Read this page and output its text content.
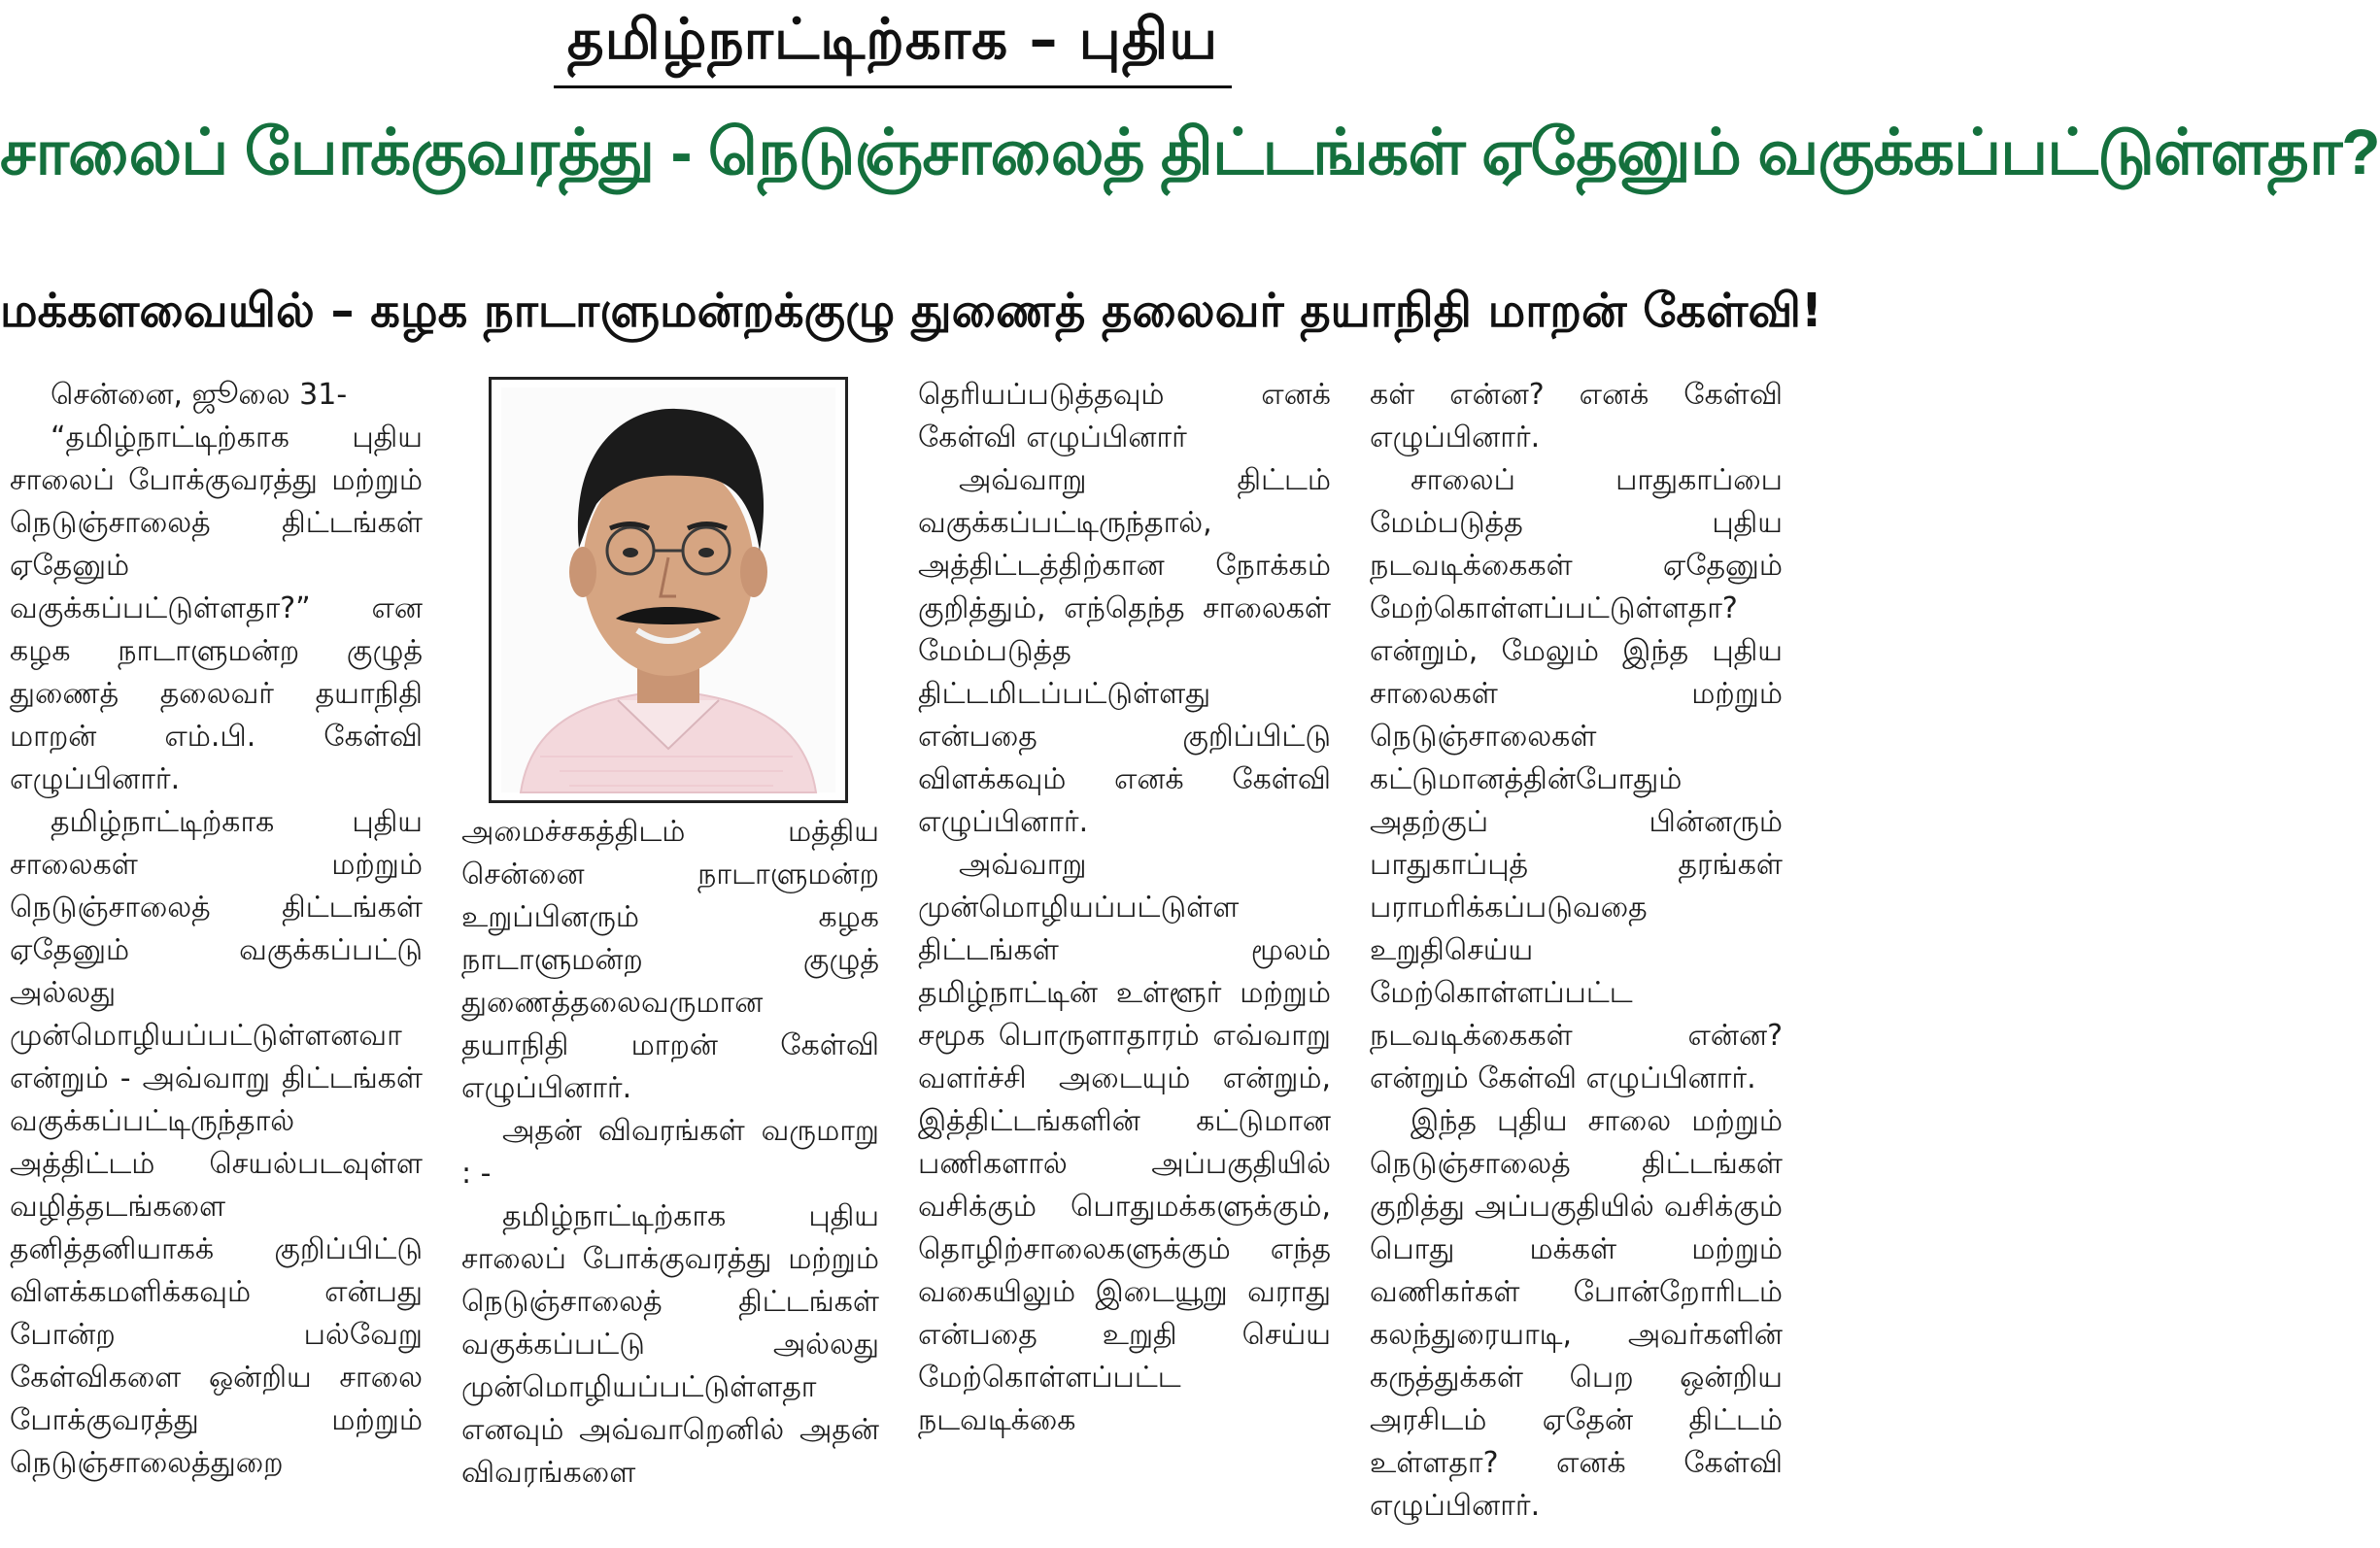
தமிழ்நாட்டிற்காக – புதிய
சாலைப் போக்குவரத்து - நெடுஞ்சாலைத் திட்டங்கள் ஏதேனும் வகுக்கப்பட்டுள்ளதா?
மக்களவையில் – கழக நாடாளுமன்றக்குழு துணைத் தலைவர் தயாநிதி மாறன் கேள்வி!
சென்னை, ஜூலை 31-

“தமிழ்நாட்டிற்காக புதிய சாலைப் போக்குவரத்து மற்றும் நெடுஞ்சாலைத் திட்டங்கள் ஏதேனும் வகுக்கப்பட்டுள்ளதா?” என கழக நாடாளுமன்ற குழுத் துணைத் தலைவர் தயாநிதி மாறன் எம்.பி. கேள்வி எழுப்பினார்.

தமிழ்நாட்டிற்காக புதிய சாலைகள் மற்றும் நெடுஞ்சாலைத் திட்டங்கள் ஏதேனும் வகுக்கப்பட்டு அல்லது முன்மொழியப்பட்டுள்ளனவா என்றும் - அவ்வாறு திட்டங்கள் வகுக்கப்பட்டிருந்தால் அத்திட்டம் செயல்படவுள்ள வழித்தடங்களை தனித்தனியாகக் குறிப்பிட்டு விளக்கமளிக்கவும் என்பது போன்ற பல்வேறு கேள்விகளை ஒன்றிய சாலை போக்குவரத்து மற்றும் நெடுஞ்சாலைத்துறை

அமைச்சகத்திடம் மத்திய சென்னை நாடாளுமன்ற உறுப்பினரும் கழக நாடாளுமன்ற குழுத் துணைத்தலைவருமான தயாநிதி மாறன் கேள்வி எழுப்பினார்.

அதன் விவரங்கள் வருமாறு : -

தமிழ்நாட்டிற்காக புதிய சாலைப் போக்குவரத்து மற்றும் நெடுஞ்சாலைத் திட்டங்கள் வகுக்கப்பட்டு அல்லது முன்மொழியப்பட்டுள்ளதா எனவும் அவ்வாறெனில் அதன் விவரங்களை

தெரியப்படுத்தவும் எனக் கேள்வி எழுப்பினார்

அவ்வாறு திட்டம் வகுக்கப்பட்டிருந்தால், அத்திட்டத்திற்கான நோக்கம் குறித்தும், எந்தெந்த சாலைகள் மேம்படுத்த திட்டமிடப்பட்டுள்ளது என்பதை குறிப்பிட்டு விளக்கவும் எனக் கேள்வி எழுப்பினார்.

அவ்வாறு முன்மொழியப்பட்டுள்ள திட்டங்கள் மூலம் தமிழ்நாட்டின் உள்ளூர் மற்றும் சமூக பொருளாதாரம் எவ்வாறு வளர்ச்சி அடையும் என்றும், இத்திட்டங்களின் கட்டுமான பணிகளால் அப்பகுதியில் வசிக்கும் பொதுமக்களுக்கும், தொழிற்சாலைகளுக்கும் எந்த வகையிலும் இடையூறு வராது என்பதை உறுதி செய்ய மேற்கொள்ளப்பட்ட நடவடிக்கை

கள் என்ன? எனக் கேள்வி எழுப்பினார்.

சாலைப் பாதுகாப்பை மேம்படுத்த புதிய நடவடிக்கைகள் ஏதேனும் மேற்கொள்ளப்பட்டுள்ளதா? என்றும், மேலும் இந்த புதிய சாலைகள் மற்றும் நெடுஞ்சாலைகள் கட்டுமானத்தின்போதும் அதற்குப் பின்னரும் பாதுகாப்புத் தரங்கள் பராமரிக்கப்படுவதை உறுதிசெய்ய மேற்கொள்ளப்பட்ட நடவடிக்கைகள் என்ன? என்றும் கேள்வி எழுப்பினார்.

இந்த புதிய சாலை மற்றும் நெடுஞ்சாலைத் திட்டங்கள் குறித்து அப்பகுதியில் வசிக்கும் பொது மக்கள் மற்றும் வணிகர்கள் போன்றோரிடம் கலந்துரையாடி, அவர்களின் கருத்துக்கள் பெற ஒன்றிய அரசிடம் ஏதேன் திட்டம் உள்ளதா? எனக் கேள்வி எழுப்பினார்.
